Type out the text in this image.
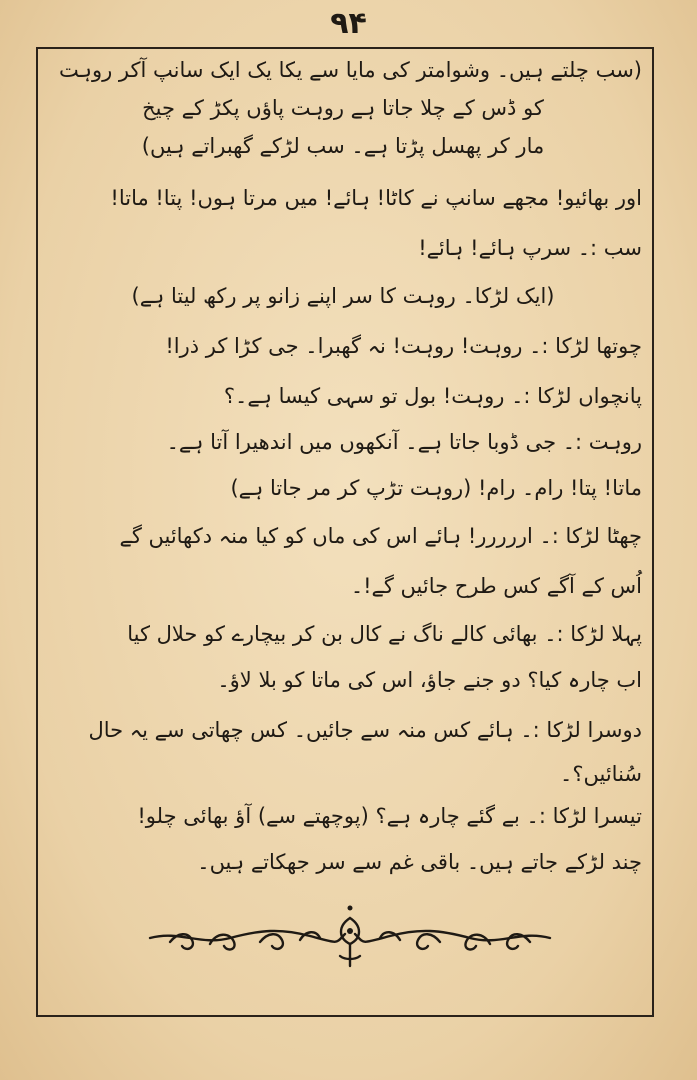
۹۴
(سب چلتے ہیں۔ وشوامتر کی مایا سے یکا یک ایک سانپ آکر روہت
کو ڈس کے چلا جاتا ہے روہت پاؤں پکڑ کے چیخ
مار کر پھسل پڑتا ہے۔ سب لڑکے گھبراتے ہیں)
اور بھائیو! مجھے سانپ نے کاٹا! ہائے! میں مرتا ہوں! پتا! ماتا!
سب :۔ سرپ ہائے! ہائے!
(ایک لڑکا۔ روہت کا سر اپنے زانو پر رکھ لیتا ہے)
چوتھا لڑکا :۔ روہت! روہت! نہ گھبرا۔ جی کڑا کر ذرا!
پانچواں لڑکا :۔ روہت! بول تو سہی کیسا ہے۔؟
روہت :۔ جی ڈوبا جاتا ہے۔ آنکھوں میں اندھیرا آتا ہے۔
ماتا! پتا! رام۔ رام! (روہت تڑپ کر مر جاتا ہے)
چھٹا لڑکا :۔ اررررر! ہائے اس کی ماں کو کیا منہ دکھائیں گے
اُس کے آگے کس طرح جائیں گے!۔
پہلا لڑکا :۔ بھائی کالے ناگ نے کال بن کر بیچارے کو حلال کیا
اب چارہ کیا؟ دو جنے جاؤ، اس کی ماتا کو بلا لاؤ۔
دوسرا لڑکا :۔ ہائے کس منہ سے جائیں۔ کس چھاتی سے یہ حال
سُنائیں؟۔
تیسرا لڑکا :۔ بے گئے چارہ ہے؟ (پوچھتے سے) آؤ بھائی چلو!
چند لڑکے جاتے ہیں۔ باقی غم سے سر جھکاتے ہیں۔
